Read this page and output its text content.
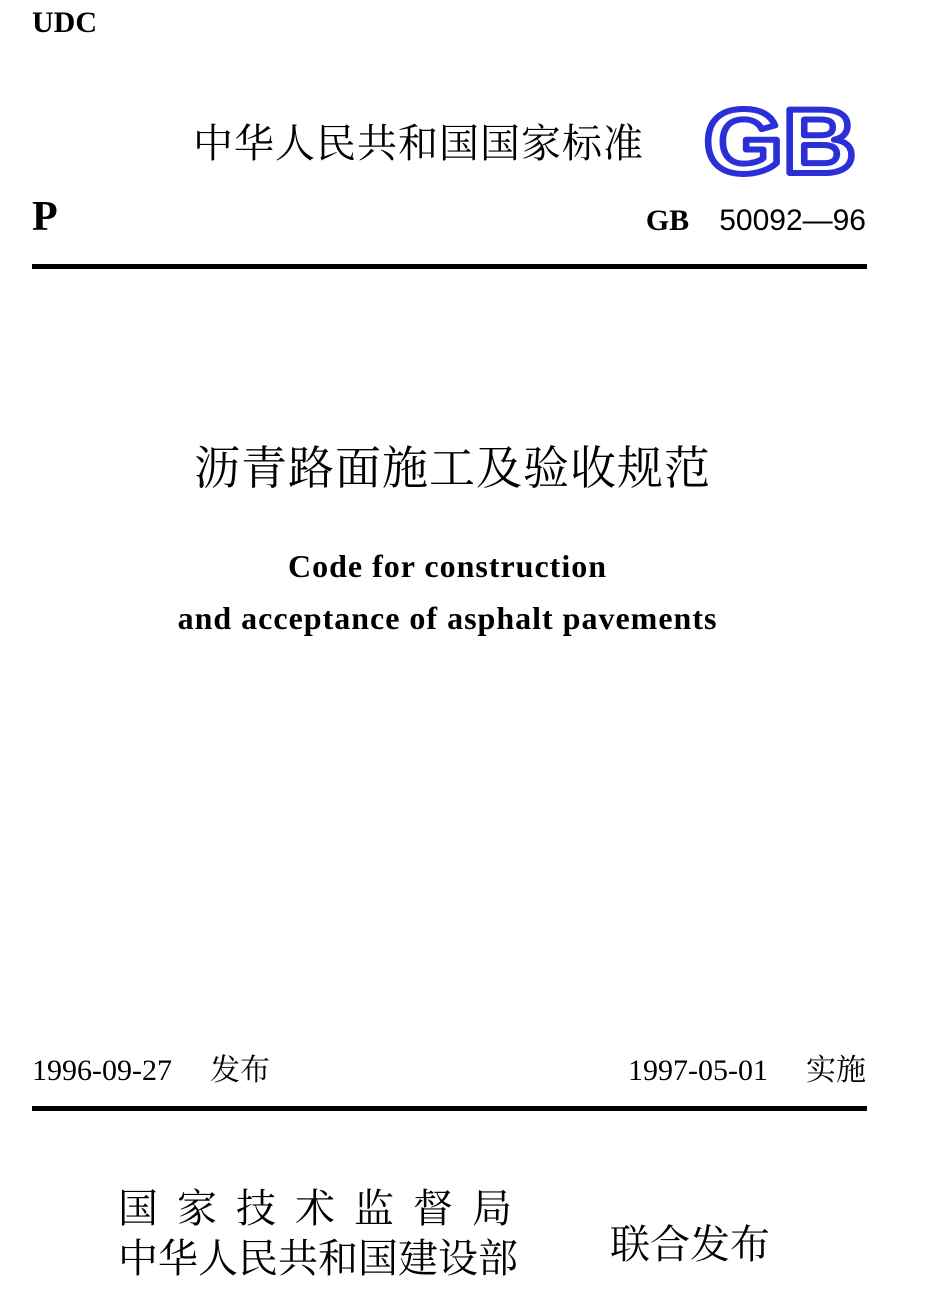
UDC
中华人民共和国国家标准 GB
P	GB 50092—96
沥青路面施工及验收规范
Code for construction
and acceptance of asphalt pavements
1996-09-27 发布	1997-05-01 实施
国家技术监督局
中华人民共和国建设部	联合发布
